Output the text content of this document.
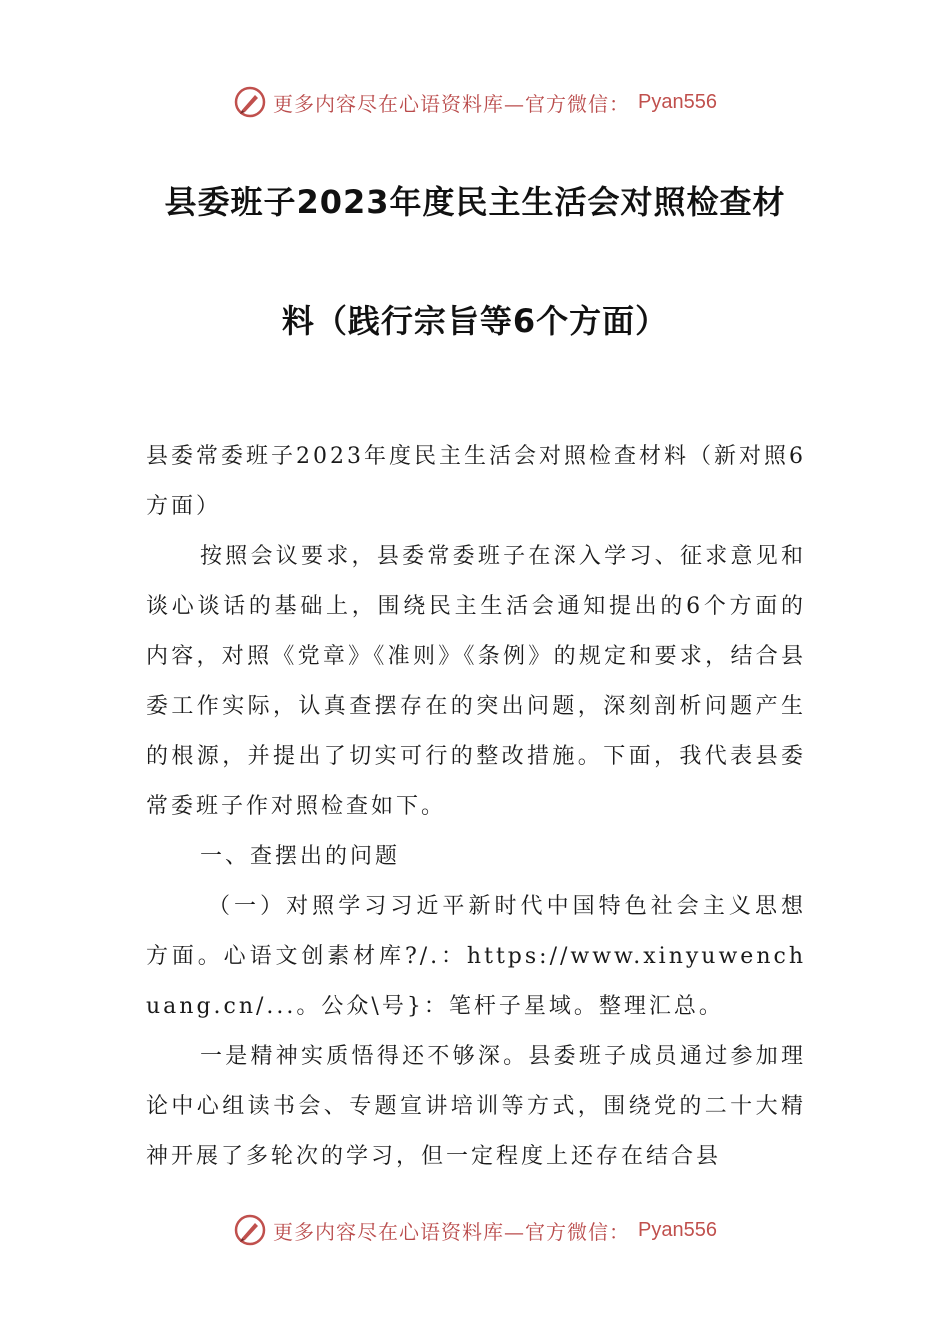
更多内容尽在心语资料库—官方微信： Pyan556
县委班子2023年度民主生活会对照检查材
料（践行宗旨等6个方面）

县委常委班子2023年度民主生活会对照检查材料（新对照6方面）

按照会议要求，县委常委班子在深入学习、征求意见和谈心谈话的基础上，围绕民主生活会通知提出的6个方面的内容，对照《党章》《准则》《条例》的规定和要求，结合县委工作实际，认真查摆存在的突出问题，深刻剖析问题产生的根源，并提出了切实可行的整改措施。下面，我代表县委常委班子作对照检查如下。

一、查摆出的问题

（一）对照学习习近平新时代中国特色社会主义思想方面。心语文创素材库?/.：https://www.xinyuwenchuang.cn/...。公众\号}：笔杆子星域。整理汇总。

一是精神实质悟得还不够深。县委班子成员通过参加理论中心组读书会、专题宣讲培训等方式，围绕党的二十大精神开展了多轮次的学习，但一定程度上还存在结合县

更多内容尽在心语资料库—官方微信： Pyan556
